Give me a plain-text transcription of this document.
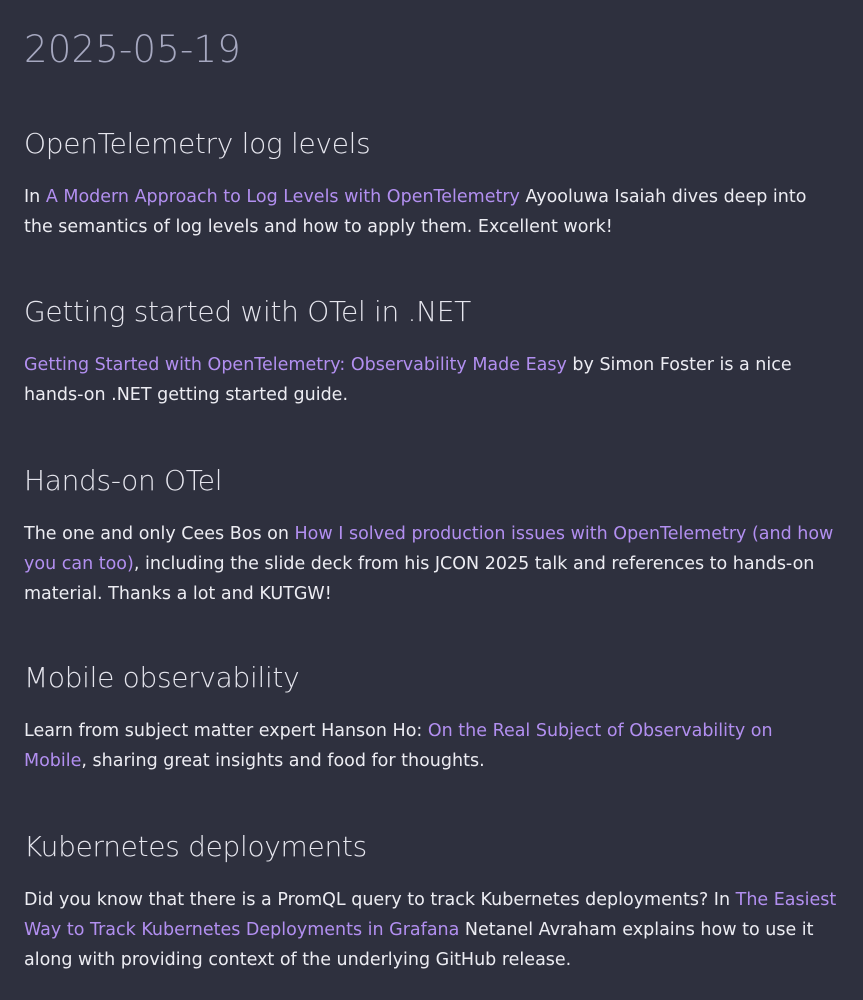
2025-05-19
OpenTelemetry log levels

In A Modern Approach to Log Levels with OpenTelemetry Ayooluwa Isaiah dives deep into the semantics of log levels and how to apply them. Excellent work!

Getting started with OTel in .NET

Getting Started with OpenTelemetry: Observability Made Easy by Simon Foster is a nice hands-on .NET getting started guide.

Hands-on OTel

The one and only Cees Bos on How I solved production issues with OpenTelemetry (and how you can too), including the slide deck from his JCON 2025 talk and references to hands-on material. Thanks a lot and KUTGW!

Mobile observability

Learn from subject matter expert Hanson Ho: On the Real Subject of Observability on Mobile, sharing great insights and food for thoughts.

Kubernetes deployments

Did you know that there is a PromQL query to track Kubernetes deployments? In The Easiest Way to Track Kubernetes Deployments in Grafana Netanel Avraham explains how to use it along with providing context of the underlying GitHub release.
